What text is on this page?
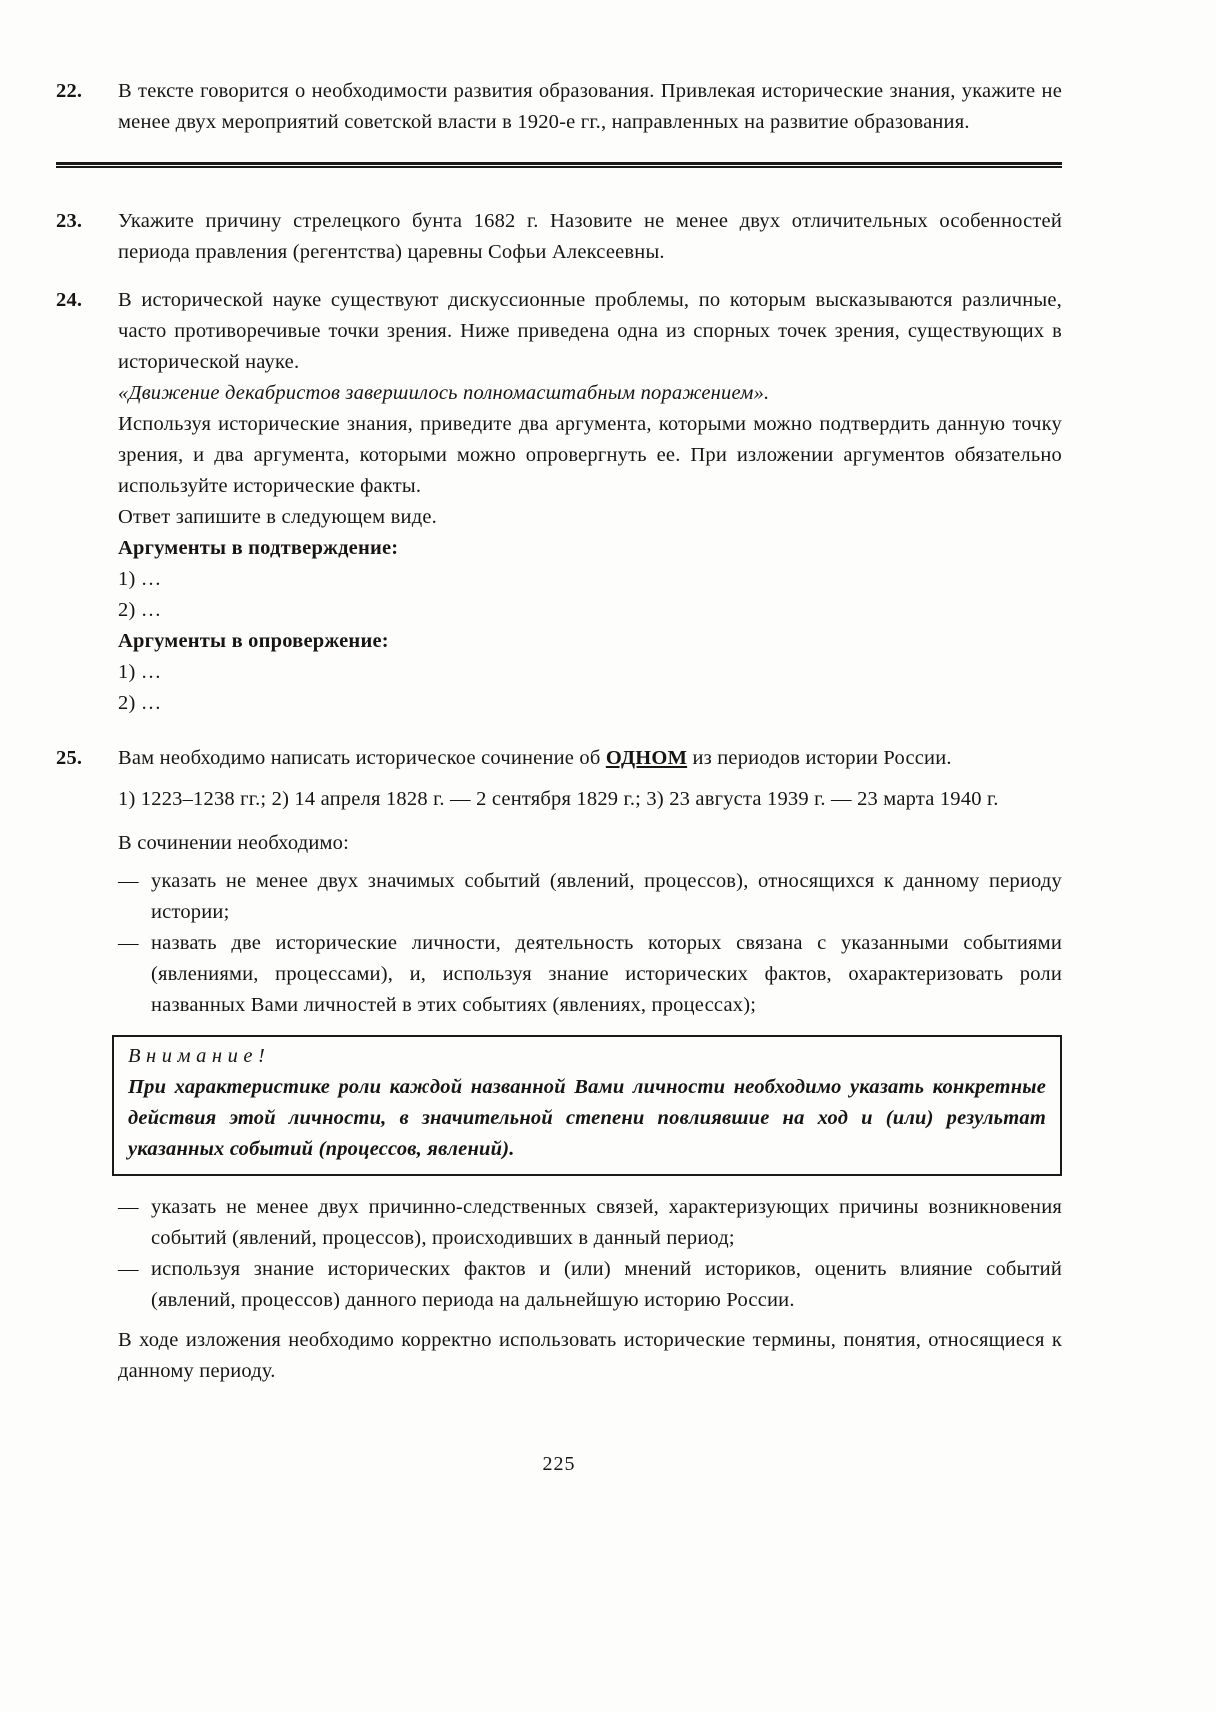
22.	В тексте говорится о необходимости развития образования. Привлекая исторические знания, укажите не менее двух мероприятий советской власти в 1920-е гг., направленных на развитие образования.
23.	Укажите причину стрелецкого бунта 1682 г. Назовите не менее двух отличительных особенностей периода правления (регентства) царевны Софьи Алексеевны.
24.	В исторической науке существуют дискуссионные проблемы, по которым высказываются различные, часто противоречивые точки зрения. Ниже приведена одна из спорных точек зрения, существующих в исторической науке.

«Движение декабристов завершилось полномасштабным поражением».

Используя исторические знания, приведите два аргумента, которыми можно подтвердить данную точку зрения, и два аргумента, которыми можно опровергнуть ее. При изложении аргументов обязательно используйте исторические факты.

Ответ запишите в следующем виде.

Аргументы в подтверждение:

1) …

2) …

Аргументы в опровержение:

1) …

2) …

25.	Вам необходимо написать историческое сочинение об ОДНОМ из периодов истории России.

1) 1223–1238 гг.; 2) 14 апреля 1828 г. — 2 сентября 1829 г.; 3) 23 августа 1939 г. — 23 марта 1940 г.

В сочинении необходимо:

— указать не менее двух значимых событий (явлений, процессов), относящихся к данному периоду истории;
— назвать две исторические личности, деятельность которых связана с указанными событиями (явлениями, процессами), и, используя знание исторических фактов, охарактеризовать роли названных Вами личностей в этих событиях (явлениях, процессах);
В н и м а н и е !
При характеристике роли каждой названной Вами личности необходимо указать конкретные действия этой личности, в значительной степени повлиявшие на ход и (или) результат указанных событий (процессов, явлений).
— указать не менее двух причинно-следственных связей, характеризующих причины возникновения событий (явлений, процессов), происходивших в данный период;
— используя знание исторических фактов и (или) мнений историков, оценить влияние событий (явлений, процессов) данного периода на дальнейшую историю России.

В ходе изложения необходимо корректно использовать исторические термины, понятия, относящиеся к данному периоду.

225
